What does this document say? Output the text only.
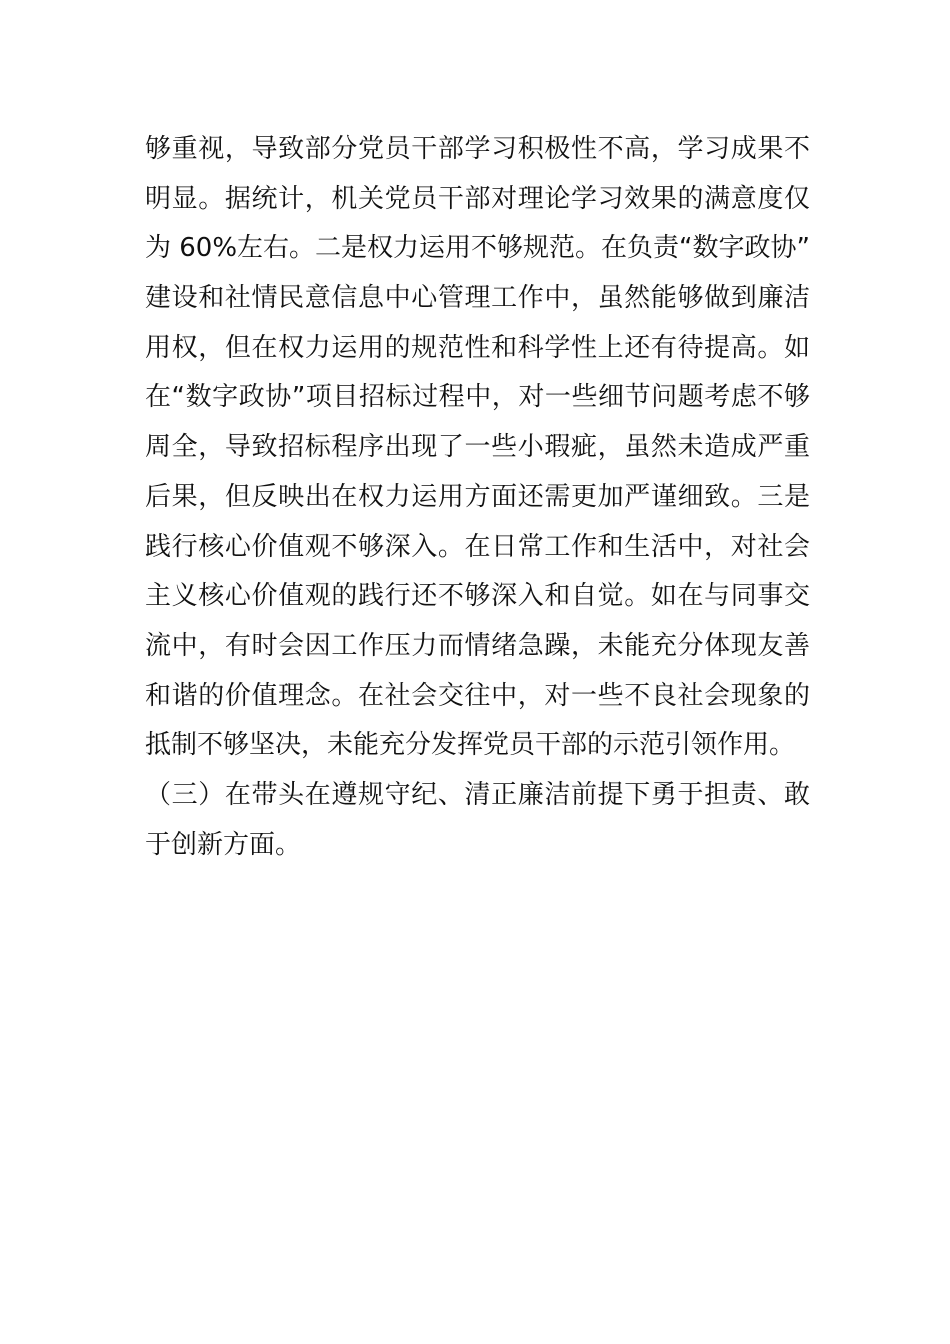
够重视，导致部分党员干部学习积极性不高，学习成果不
明显。据统计，机关党员干部对理论学习效果的满意度仅
为 60%左右。二是权力运用不够规范。在负责“数字政协”
建设和社情民意信息中心管理工作中，虽然能够做到廉洁
用权，但在权力运用的规范性和科学性上还有待提高。如
在“数字政协”项目招标过程中，对一些细节问题考虑不够
周全，导致招标程序出现了一些小瑕疵，虽然未造成严重
后果，但反映出在权力运用方面还需更加严谨细致。三是
践行核心价值观不够深入。在日常工作和生活中，对社会
主义核心价值观的践行还不够深入和自觉。如在与同事交
流中，有时会因工作压力而情绪急躁，未能充分体现友善
和谐的价值理念。在社会交往中，对一些不良社会现象的
抵制不够坚决，未能充分发挥党员干部的示范引领作用。
（三）在带头在遵规守纪、清正廉洁前提下勇于担责、敢
于创新方面。
